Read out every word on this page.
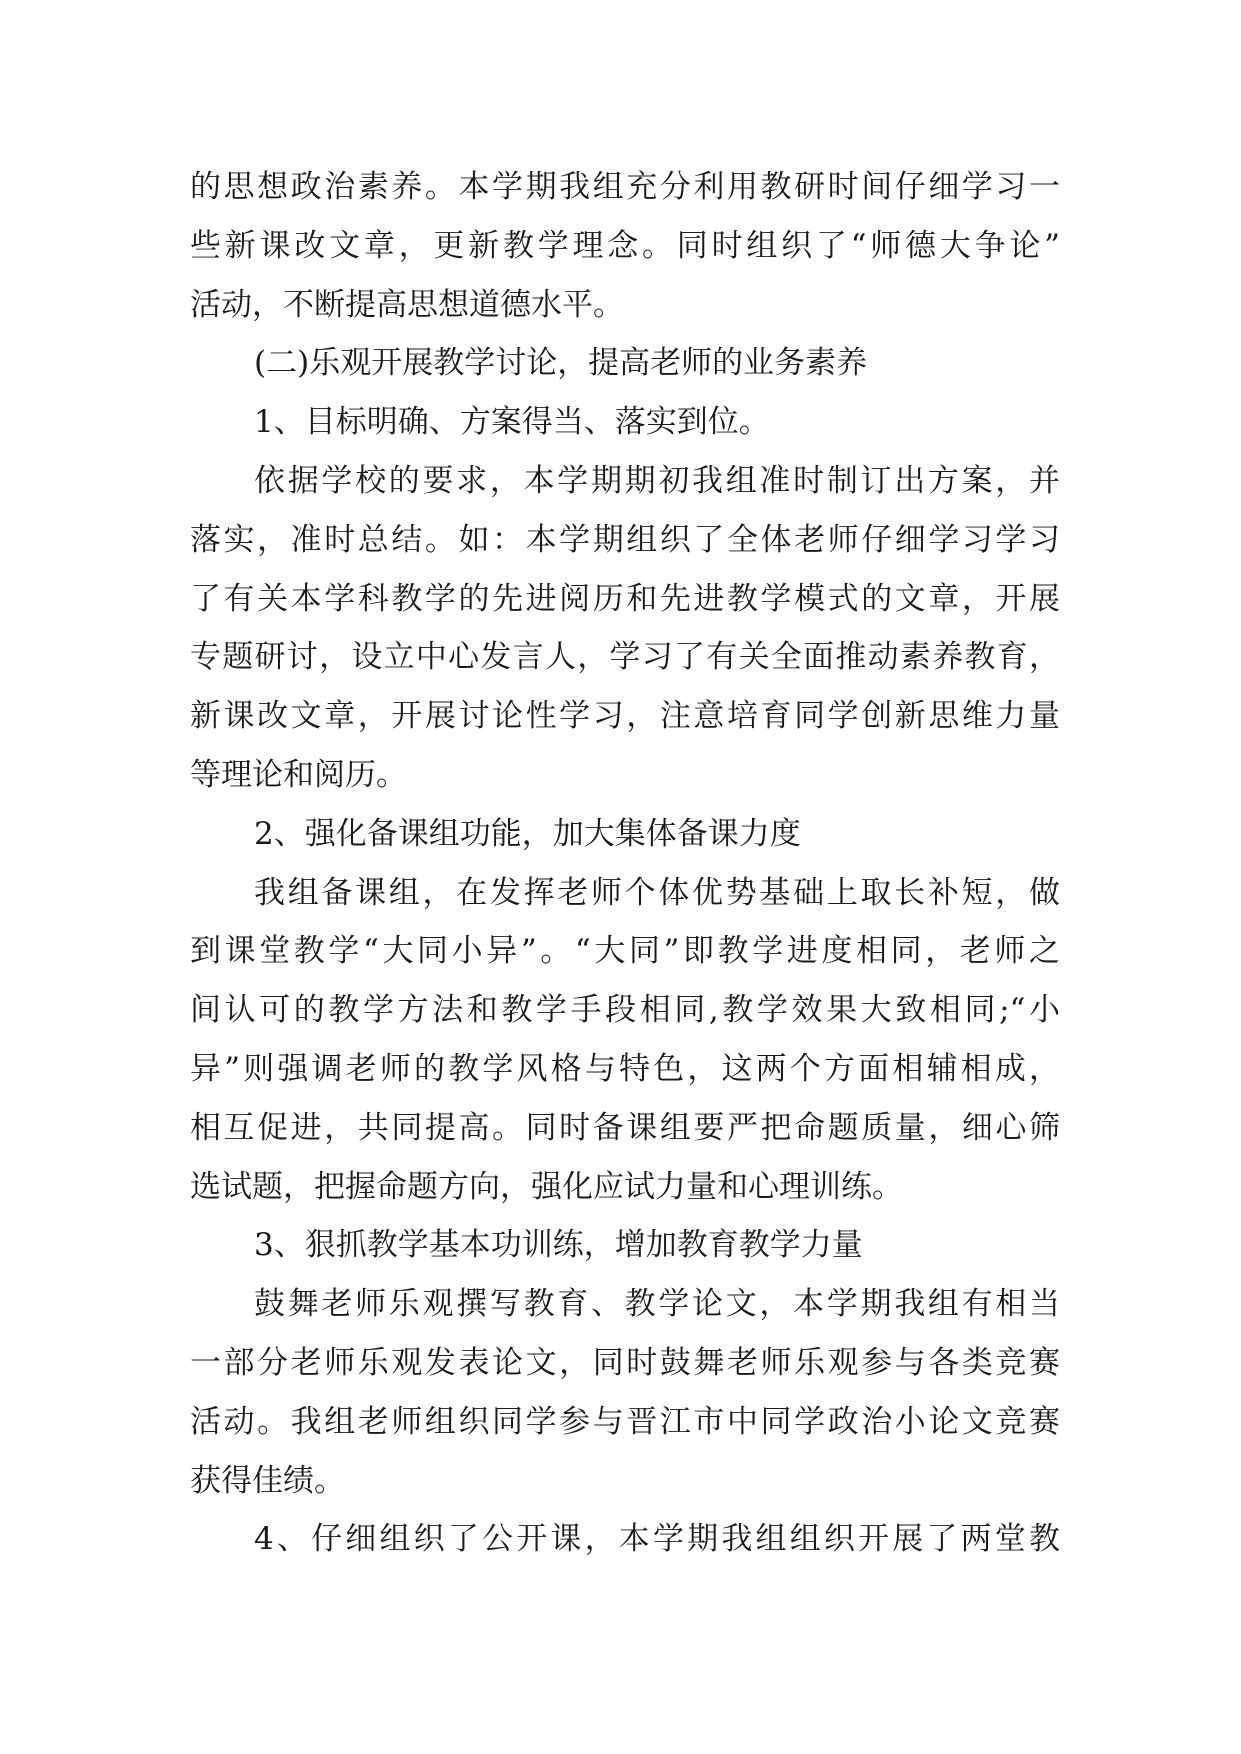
的思想政治素养。本学期我组充分利用教研时间仔细学习一
些新课改文章，更新教学理念。同时组织了“师德大争论”
活动，不断提高思想道德水平。
(二)乐观开展教学讨论，提高老师的业务素养
1、目标明确、方案得当、落实到位。
依据学校的要求，本学期期初我组准时制订出方案，并
落实，准时总结。如：本学期组织了全体老师仔细学习学习
了有关本学科教学的先进阅历和先进教学模式的文章，开展
专题研讨，设立中心发言人，学习了有关全面推动素养教育，
新课改文章，开展讨论性学习，注意培育同学创新思维力量
等理论和阅历。
2、强化备课组功能，加大集体备课力度
我组备课组，在发挥老师个体优势基础上取长补短，做
到课堂教学“大同小异”。“大同”即教学进度相同，老师之
间认可的教学方法和教学手段相同,教学效果大致相同;“小
异”则强调老师的教学风格与特色，这两个方面相辅相成，
相互促进，共同提高。同时备课组要严把命题质量，细心筛
选试题，把握命题方向，强化应试力量和心理训练。
3、狠抓教学基本功训练，增加教育教学力量
鼓舞老师乐观撰写教育、教学论文，本学期我组有相当
一部分老师乐观发表论文，同时鼓舞老师乐观参与各类竞赛
活动。我组老师组织同学参与晋江市中同学政治小论文竞赛
获得佳绩。
4、仔细组织了公开课，本学期我组组织开展了两堂教
